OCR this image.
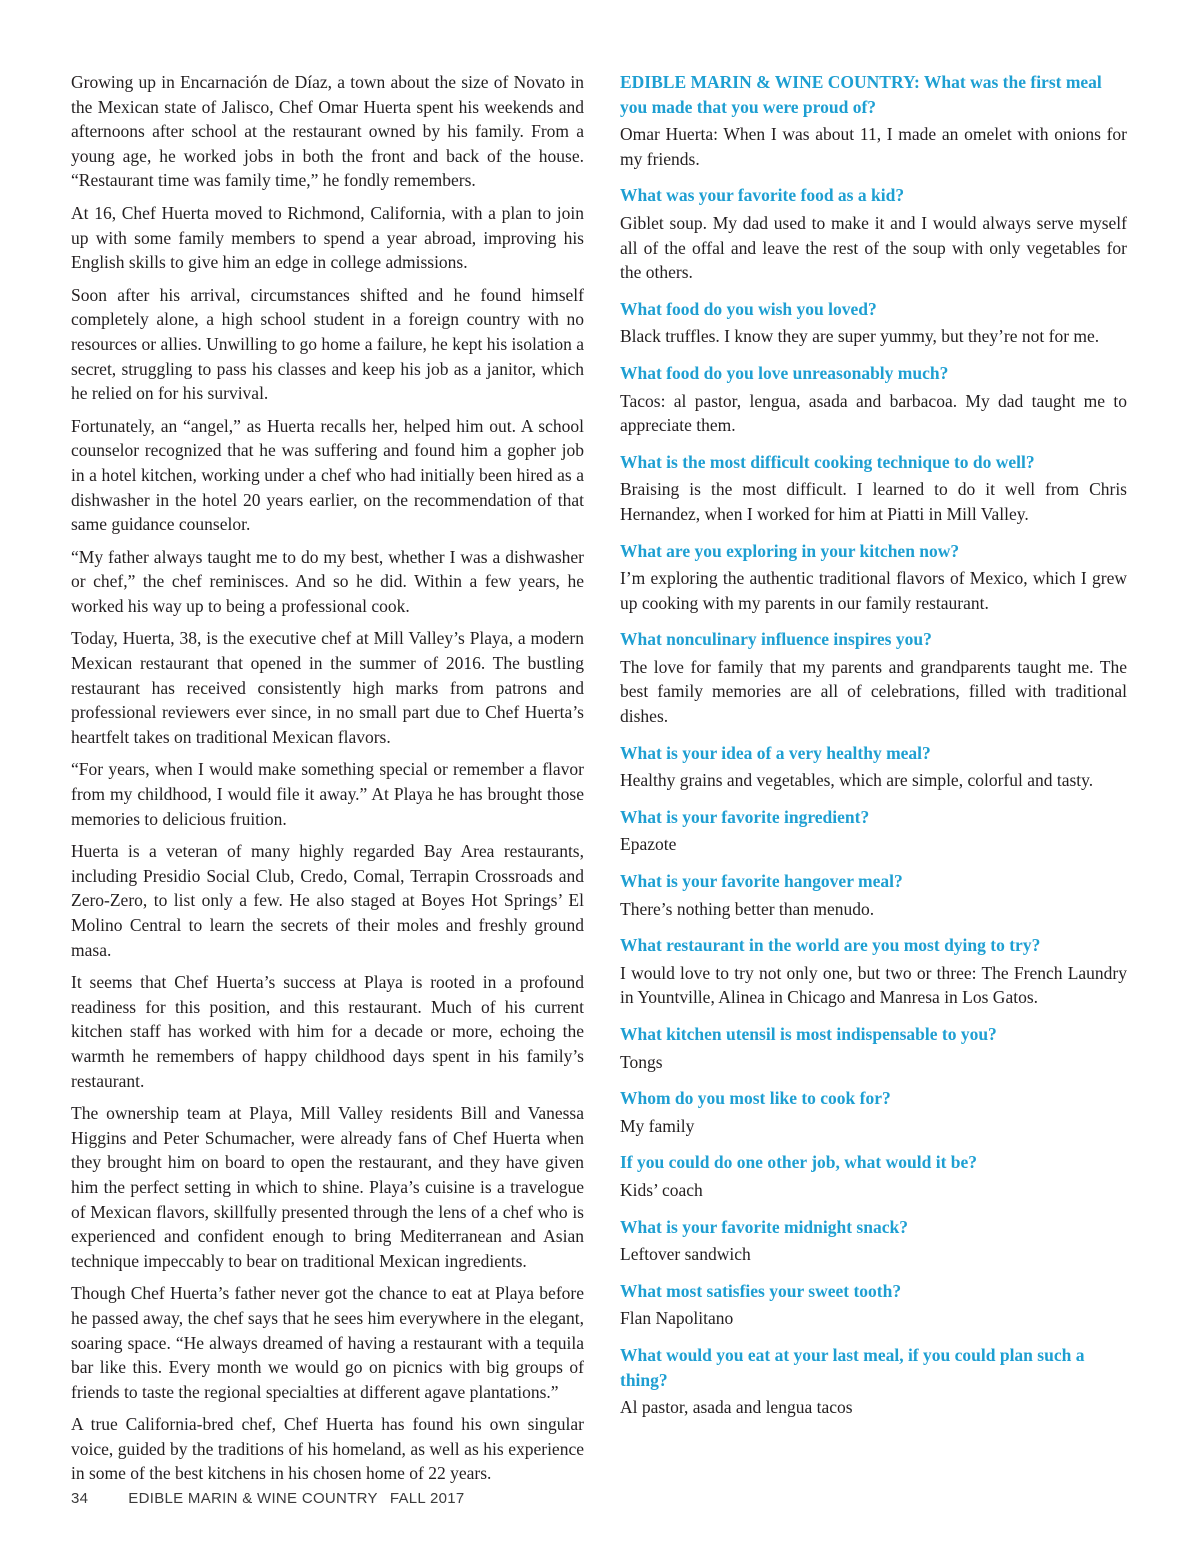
Growing up in Encarnación de Díaz, a town about the size of Novato in the Mexican state of Jalisco, Chef Omar Huerta spent his weekends and afternoons after school at the restaurant owned by his family. From a young age, he worked jobs in both the front and back of the house. “Restaurant time was family time,” he fondly remembers.

At 16, Chef Huerta moved to Richmond, California, with a plan to join up with some family members to spend a year abroad, improving his English skills to give him an edge in college admissions.

Soon after his arrival, circumstances shifted and he found himself completely alone, a high school student in a foreign country with no resources or allies. Unwilling to go home a failure, he kept his isolation a secret, struggling to pass his classes and keep his job as a janitor, which he relied on for his survival.

Fortunately, an “angel,” as Huerta recalls her, helped him out. A school counselor recognized that he was suffering and found him a gopher job in a hotel kitchen, working under a chef who had initially been hired as a dishwasher in the hotel 20 years earlier, on the recommendation of that same guidance counselor.

“My father always taught me to do my best, whether I was a dishwasher or chef,” the chef reminisces. And so he did. Within a few years, he worked his way up to being a professional cook.

Today, Huerta, 38, is the executive chef at Mill Valley’s Playa, a modern Mexican restaurant that opened in the summer of 2016. The bustling restaurant has received consistently high marks from patrons and professional reviewers ever since, in no small part due to Chef Huerta’s heartfelt takes on traditional Mexican flavors.

“For years, when I would make something special or remember a flavor from my childhood, I would file it away.” At Playa he has brought those memories to delicious fruition.

Huerta is a veteran of many highly regarded Bay Area restaurants, including Presidio Social Club, Credo, Comal, Terrapin Crossroads and Zero-Zero, to list only a few. He also staged at Boyes Hot Springs’ El Molino Central to learn the secrets of their moles and freshly ground masa.

It seems that Chef Huerta’s success at Playa is rooted in a profound readiness for this position, and this restaurant. Much of his current kitchen staff has worked with him for a decade or more, echoing the warmth he remembers of happy childhood days spent in his family’s restaurant.

The ownership team at Playa, Mill Valley residents Bill and Vanessa Higgins and Peter Schumacher, were already fans of Chef Huerta when they brought him on board to open the restaurant, and they have given him the perfect setting in which to shine. Playa’s cuisine is a travelogue of Mexican flavors, skillfully presented through the lens of a chef who is experienced and confident enough to bring Mediterranean and Asian technique impeccably to bear on traditional Mexican ingredients.

Though Chef Huerta’s father never got the chance to eat at Playa before he passed away, the chef says that he sees him everywhere in the elegant, soaring space. “He always dreamed of having a restaurant with a tequila bar like this. Every month we would go on picnics with big groups of friends to taste the regional specialties at different agave plantations.”

A true California-bred chef, Chef Huerta has found his own singular voice, guided by the traditions of his homeland, as well as his experience in some of the best kitchens in his chosen home of 22 years.

EDIBLE MARIN & WINE COUNTRY: What was the first meal you made that you were proud of?

Omar Huerta: When I was about 11, I made an omelet with onions for my friends.

What was your favorite food as a kid?

Giblet soup. My dad used to make it and I would always serve myself all of the offal and leave the rest of the soup with only vegetables for the others.

What food do you wish you loved?

Black truffles. I know they are super yummy, but they’re not for me.

What food do you love unreasonably much?

Tacos: al pastor, lengua, asada and barbacoa. My dad taught me to appreciate them.

What is the most difficult cooking technique to do well?

Braising is the most difficult. I learned to do it well from Chris Hernandez, when I worked for him at Piatti in Mill Valley.

What are you exploring in your kitchen now?

I’m exploring the authentic traditional flavors of Mexico, which I grew up cooking with my parents in our family restaurant.

What nonculinary influence inspires you?

The love for family that my parents and grandparents taught me. The best family memories are all of celebrations, filled with traditional dishes.

What is your idea of a very healthy meal?

Healthy grains and vegetables, which are simple, colorful and tasty.

What is your favorite ingredient?

Epazote

What is your favorite hangover meal?

There’s nothing better than menudo.

What restaurant in the world are you most dying to try?

I would love to try not only one, but two or three: The French Laundry in Yountville, Alinea in Chicago and Manresa in Los Gatos.

What kitchen utensil is most indispensable to you?

Tongs

Whom do you most like to cook for?

My family

If you could do one other job, what would it be?

Kids’ coach

What is your favorite midnight snack?

Leftover sandwich

What most satisfies your sweet tooth?

Flan Napolitano

What would you eat at your last meal, if you could plan such a thing?

Al pastor, asada and lengua tacos

34	EDIBLE MARIN & WINE COUNTRY FALL 2017
